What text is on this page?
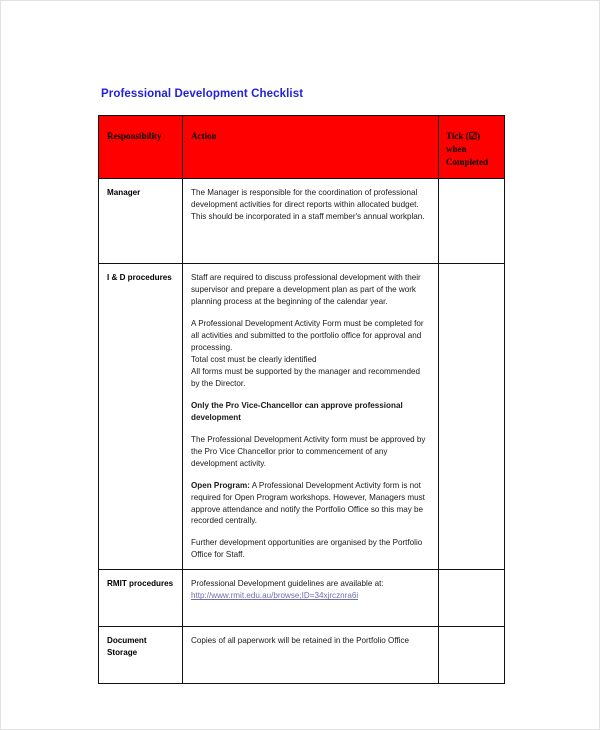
Professional Development Checklist
Responsibility	Action	Tick (☑)
when
Completed

Manager	The Manager is responsible for the coordination of professional development activities for direct reports within allocated budget.

This should be incorporated in a staff member's annual workplan.	

I & D procedures	Staff are required to discuss professional development with their supervisor and prepare a development plan as part of the work planning process at the beginning of the calendar year.

A Professional Development Activity Form must be completed for all activities and submitted to the portfolio office for approval and processing.

Total cost must be clearly identified

All forms must be supported by the manager and recommended by the Director.

Only the Pro Vice-Chancellor can approve professional development

The Professional Development Activity form must be approved by the Pro Vice Chancellor prior to commencement of any development activity.

Open Program: A Professional Development Activity form is not required for Open Program workshops. However, Managers must approve attendance and notify the Portfolio Office so this may be recorded centrally.

Further development opportunities are organised by the Portfolio Office for Staff.

RMIT procedures	Professional Development guidelines are available at:

http://www.rmit.edu.au/browse;ID=34xjrcznra6i	
Document Storage	Copies of all paperwork will be retained in the Portfolio Office	
